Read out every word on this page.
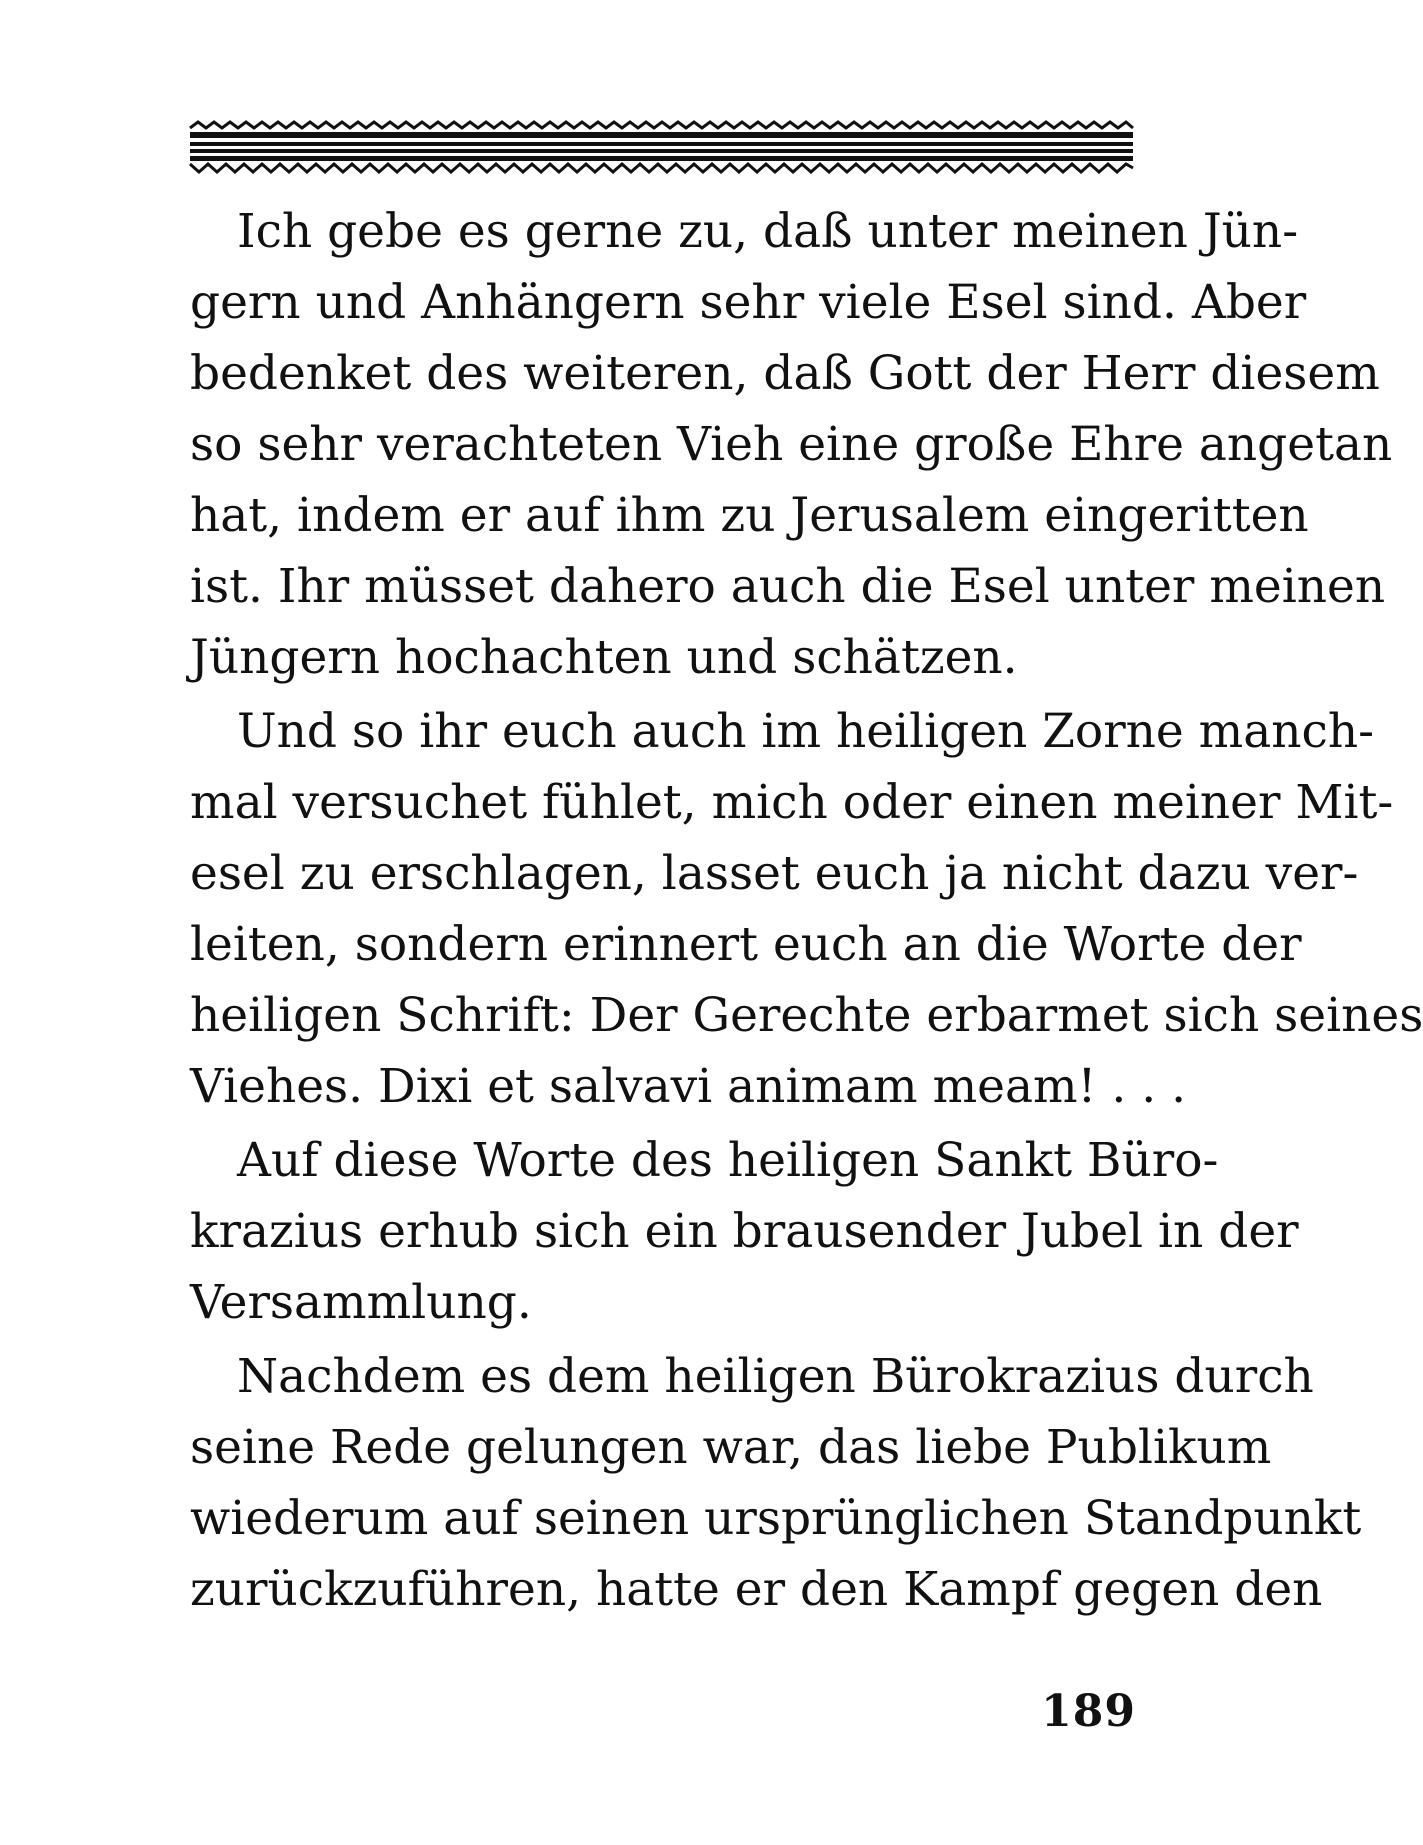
Ich gebe es gerne zu, daß unter meinen Jün-
gern und Anhängern sehr viele Esel sind. Aber
bedenket des weiteren, daß Gott der Herr diesem
so sehr verachteten Vieh eine große Ehre angetan
hat, indem er auf ihm zu Jerusalem eingeritten
ist. Ihr müsset dahero auch die Esel unter meinen
Jüngern hochachten und schätzen.
Und so ihr euch auch im heiligen Zorne manch-
mal versuchet fühlet, mich oder einen meiner Mit-
esel zu erschlagen, lasset euch ja nicht dazu ver-
leiten, sondern erinnert euch an die Worte der
heiligen Schrift: Der Gerechte erbarmet sich seines
Viehes. Dixi et salvavi animam meam! . . .
Auf diese Worte des heiligen Sankt Büro-
krazius erhub sich ein brausender Jubel in der
Versammlung.
Nachdem es dem heiligen Bürokrazius durch
seine Rede gelungen war, das liebe Publikum
wiederum auf seinen ursprünglichen Standpunkt
zurückzuführen, hatte er den Kampf gegen den
189
